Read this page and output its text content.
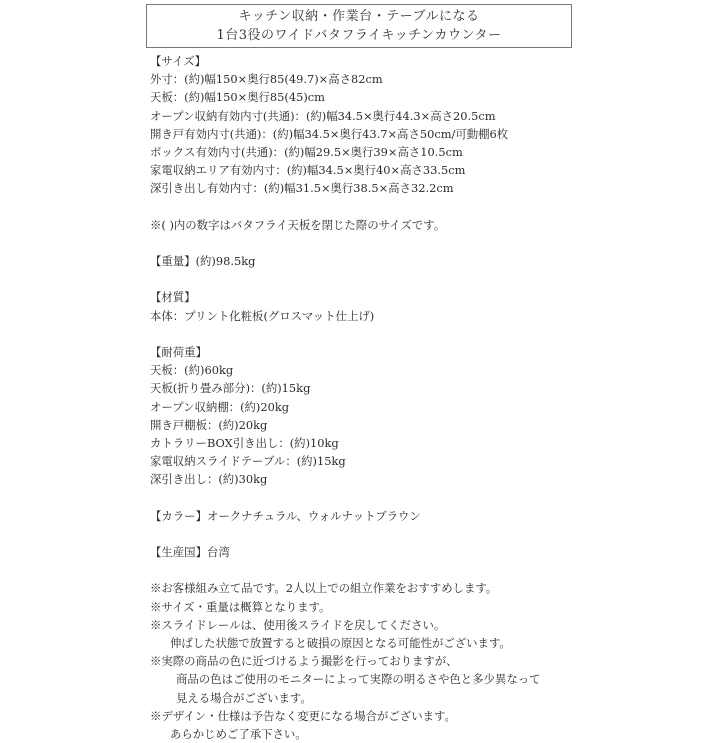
キッチン収納・作業台・テーブルになる
1台3役のワイドバタフライキッチンカウンター
【サイズ】
外寸：(約)幅150×奥行85(49.7)×高さ82cm
天板：(約)幅150×奥行85(45)cm
オープン収納有効内寸(共通)：(約)幅34.5×奥行44.3×高さ20.5cm
開き戸有効内寸(共通)：(約)幅34.5×奥行43.7×高さ50cm/可動棚6枚
ボックス有効内寸(共通)：(約)幅29.5×奥行39×高さ10.5cm
家電収納エリア有効内寸：(約)幅34.5×奥行40×高さ33.5cm
深引き出し有効内寸：(約)幅31.5×奥行38.5×高さ32.2cm
※( )内の数字はバタフライ天板を閉じた際のサイズです。
【重量】(約)98.5kg
【材質】
本体：プリント化粧板(グロスマット仕上げ)
【耐荷重】
天板：(約)60kg
天板(折り畳み部分)：(約)15kg
オープン収納棚：(約)20kg
開き戸棚板：(約)20kg
カトラリーBOX引き出し：(約)10kg
家電収納スライドテーブル：(約)15kg
深引き出し：(約)30kg
【カラー】オークナチュラル、ウォルナットブラウン
【生産国】台湾
※お客様組み立て品です。2人以上での組立作業をおすすめします。
※サイズ・重量は概算となります。
※スライドレールは、使用後スライドを戻してください。
伸ばした状態で放置すると破損の原因となる可能性がございます。
※実際の商品の色に近づけるよう撮影を行っておりますが、
商品の色はご使用のモニターによって実際の明るさや色と多少異なって
見える場合がございます。
※デザイン・仕様は予告なく変更になる場合がございます。
あらかじめご了承下さい。
